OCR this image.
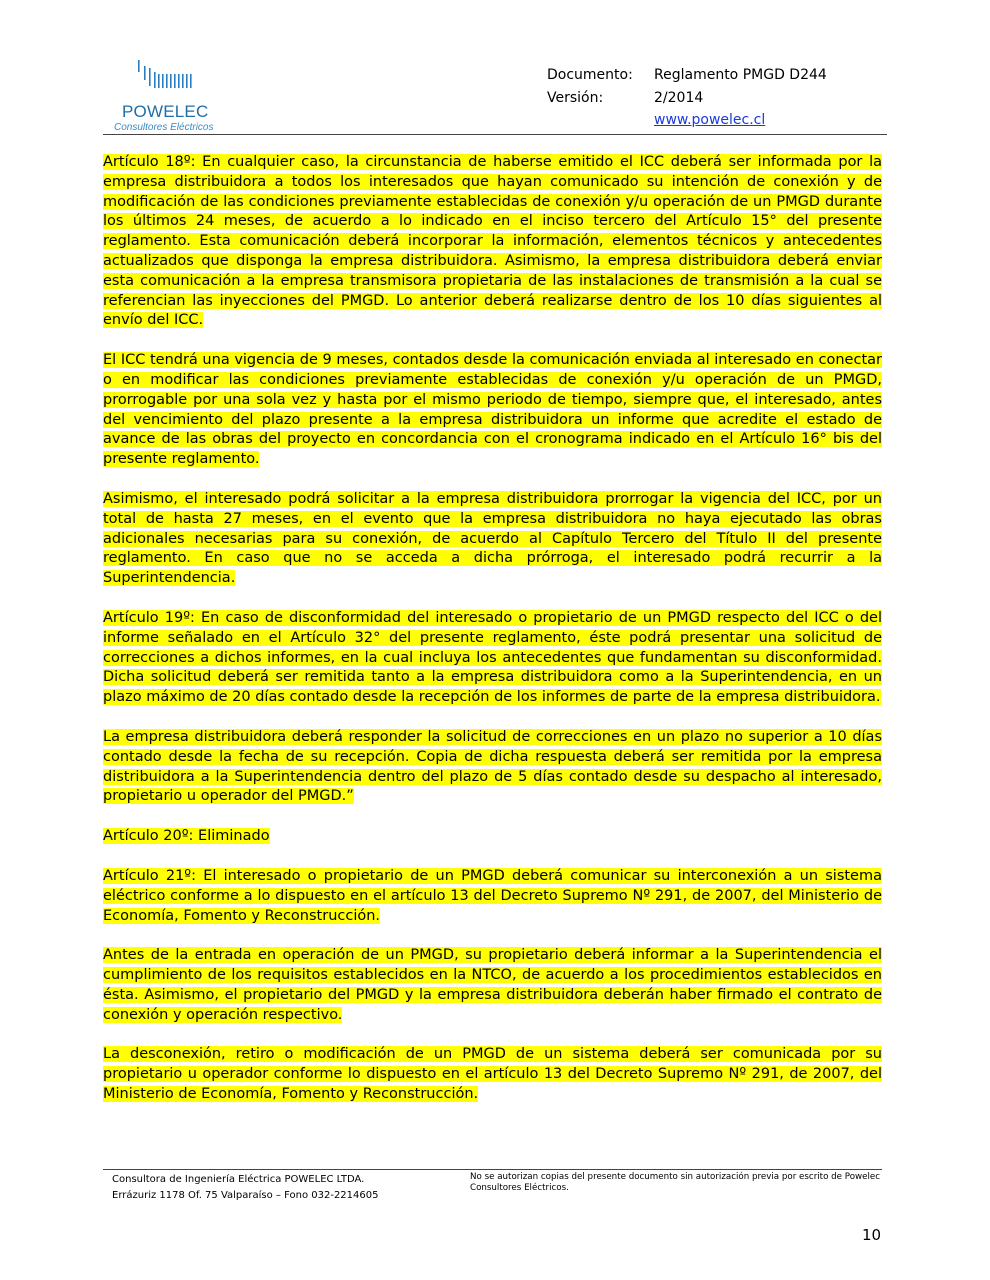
POWELEC
Consultores Eléctricos
Documento:	Reglamento PMGD D244
Versión:	2/2014
www.powelec.cl

Artículo 18º: En cualquier caso, la circunstancia de haberse emitido el ICC deberá ser informada por la empresa distribuidora a todos los interesados que hayan comunicado su intención de conexión y de modificación de las condiciones previamente establecidas de conexión y/u operación de un PMGD durante los últimos 24 meses, de acuerdo a lo indicado en el inciso tercero del Artículo 15° del presente reglamento. Esta comunicación deberá incorporar la información, elementos técnicos y antecedentes actualizados que disponga la empresa distribuidora. Asimismo, la empresa distribuidora deberá enviar esta comunicación a la empresa transmisora propietaria de las instalaciones de transmisión a la cual se referencian las inyecciones del PMGD. Lo anterior deberá realizarse dentro de los 10 días siguientes al envío del ICC.

El ICC tendrá una vigencia de 9 meses, contados desde la comunicación enviada al interesado en conectar o en modificar las condiciones previamente establecidas de conexión y/u operación de un PMGD, prorrogable por una sola vez y hasta por el mismo periodo de tiempo, siempre que, el interesado, antes del vencimiento del plazo presente a la empresa distribuidora un informe que acredite el estado de avance de las obras del proyecto en concordancia con el cronograma indicado en el Artículo 16° bis del presente reglamento.

Asimismo, el interesado podrá solicitar a la empresa distribuidora prorrogar la vigencia del ICC, por un total de hasta 27 meses, en el evento que la empresa distribuidora no haya ejecutado las obras adicionales necesarias para su conexión, de acuerdo al Capítulo Tercero del Título II del presente reglamento. En caso que no se acceda a dicha prórroga, el interesado podrá recurrir a la Superintendencia.

Artículo 19º: En caso de disconformidad del interesado o propietario de un PMGD respecto del ICC o del informe señalado en el Artículo 32° del presente reglamento, éste podrá presentar una solicitud de correcciones a dichos informes, en la cual incluya los antecedentes que fundamentan su disconformidad. Dicha solicitud deberá ser remitida tanto a la empresa distribuidora como a la Superintendencia, en un plazo máximo de 20 días contado desde la recepción de los informes de parte de la empresa distribuidora.

La empresa distribuidora deberá responder la solicitud de correcciones en un plazo no superior a 10 días contado desde la fecha de su recepción. Copia de dicha respuesta deberá ser remitida por la empresa distribuidora a la Superintendencia dentro del plazo de 5 días contado desde su despacho al interesado, propietario u operador del PMGD.”

Artículo 20º: Eliminado

Artículo 21º: El interesado o propietario de un PMGD deberá comunicar su interconexión a un sistema eléctrico conforme a lo dispuesto en el artículo 13 del Decreto Supremo Nº 291, de 2007, del Ministerio de Economía, Fomento y Reconstrucción.

Antes de la entrada en operación de un PMGD, su propietario deberá informar a la Superintendencia el cumplimiento de los requisitos establecidos en la NTCO, de acuerdo a los procedimientos establecidos en ésta. Asimismo, el propietario del PMGD y la empresa distribuidora deberán haber firmado el contrato de conexión y operación respectivo.

La desconexión, retiro o modificación de un PMGD de un sistema deberá ser comunicada por su propietario u operador conforme lo dispuesto en el artículo 13 del Decreto Supremo Nº 291, de 2007, del Ministerio de Economía, Fomento y Reconstrucción.

Consultora de Ingeniería Eléctrica POWELEC LTDA.
Errázuriz 1178 Of. 75 Valparaíso – Fono 032-2214605
No se autorizan copias del presente documento sin autorización previa por escrito de Powelec Consultores Eléctricos.
10
